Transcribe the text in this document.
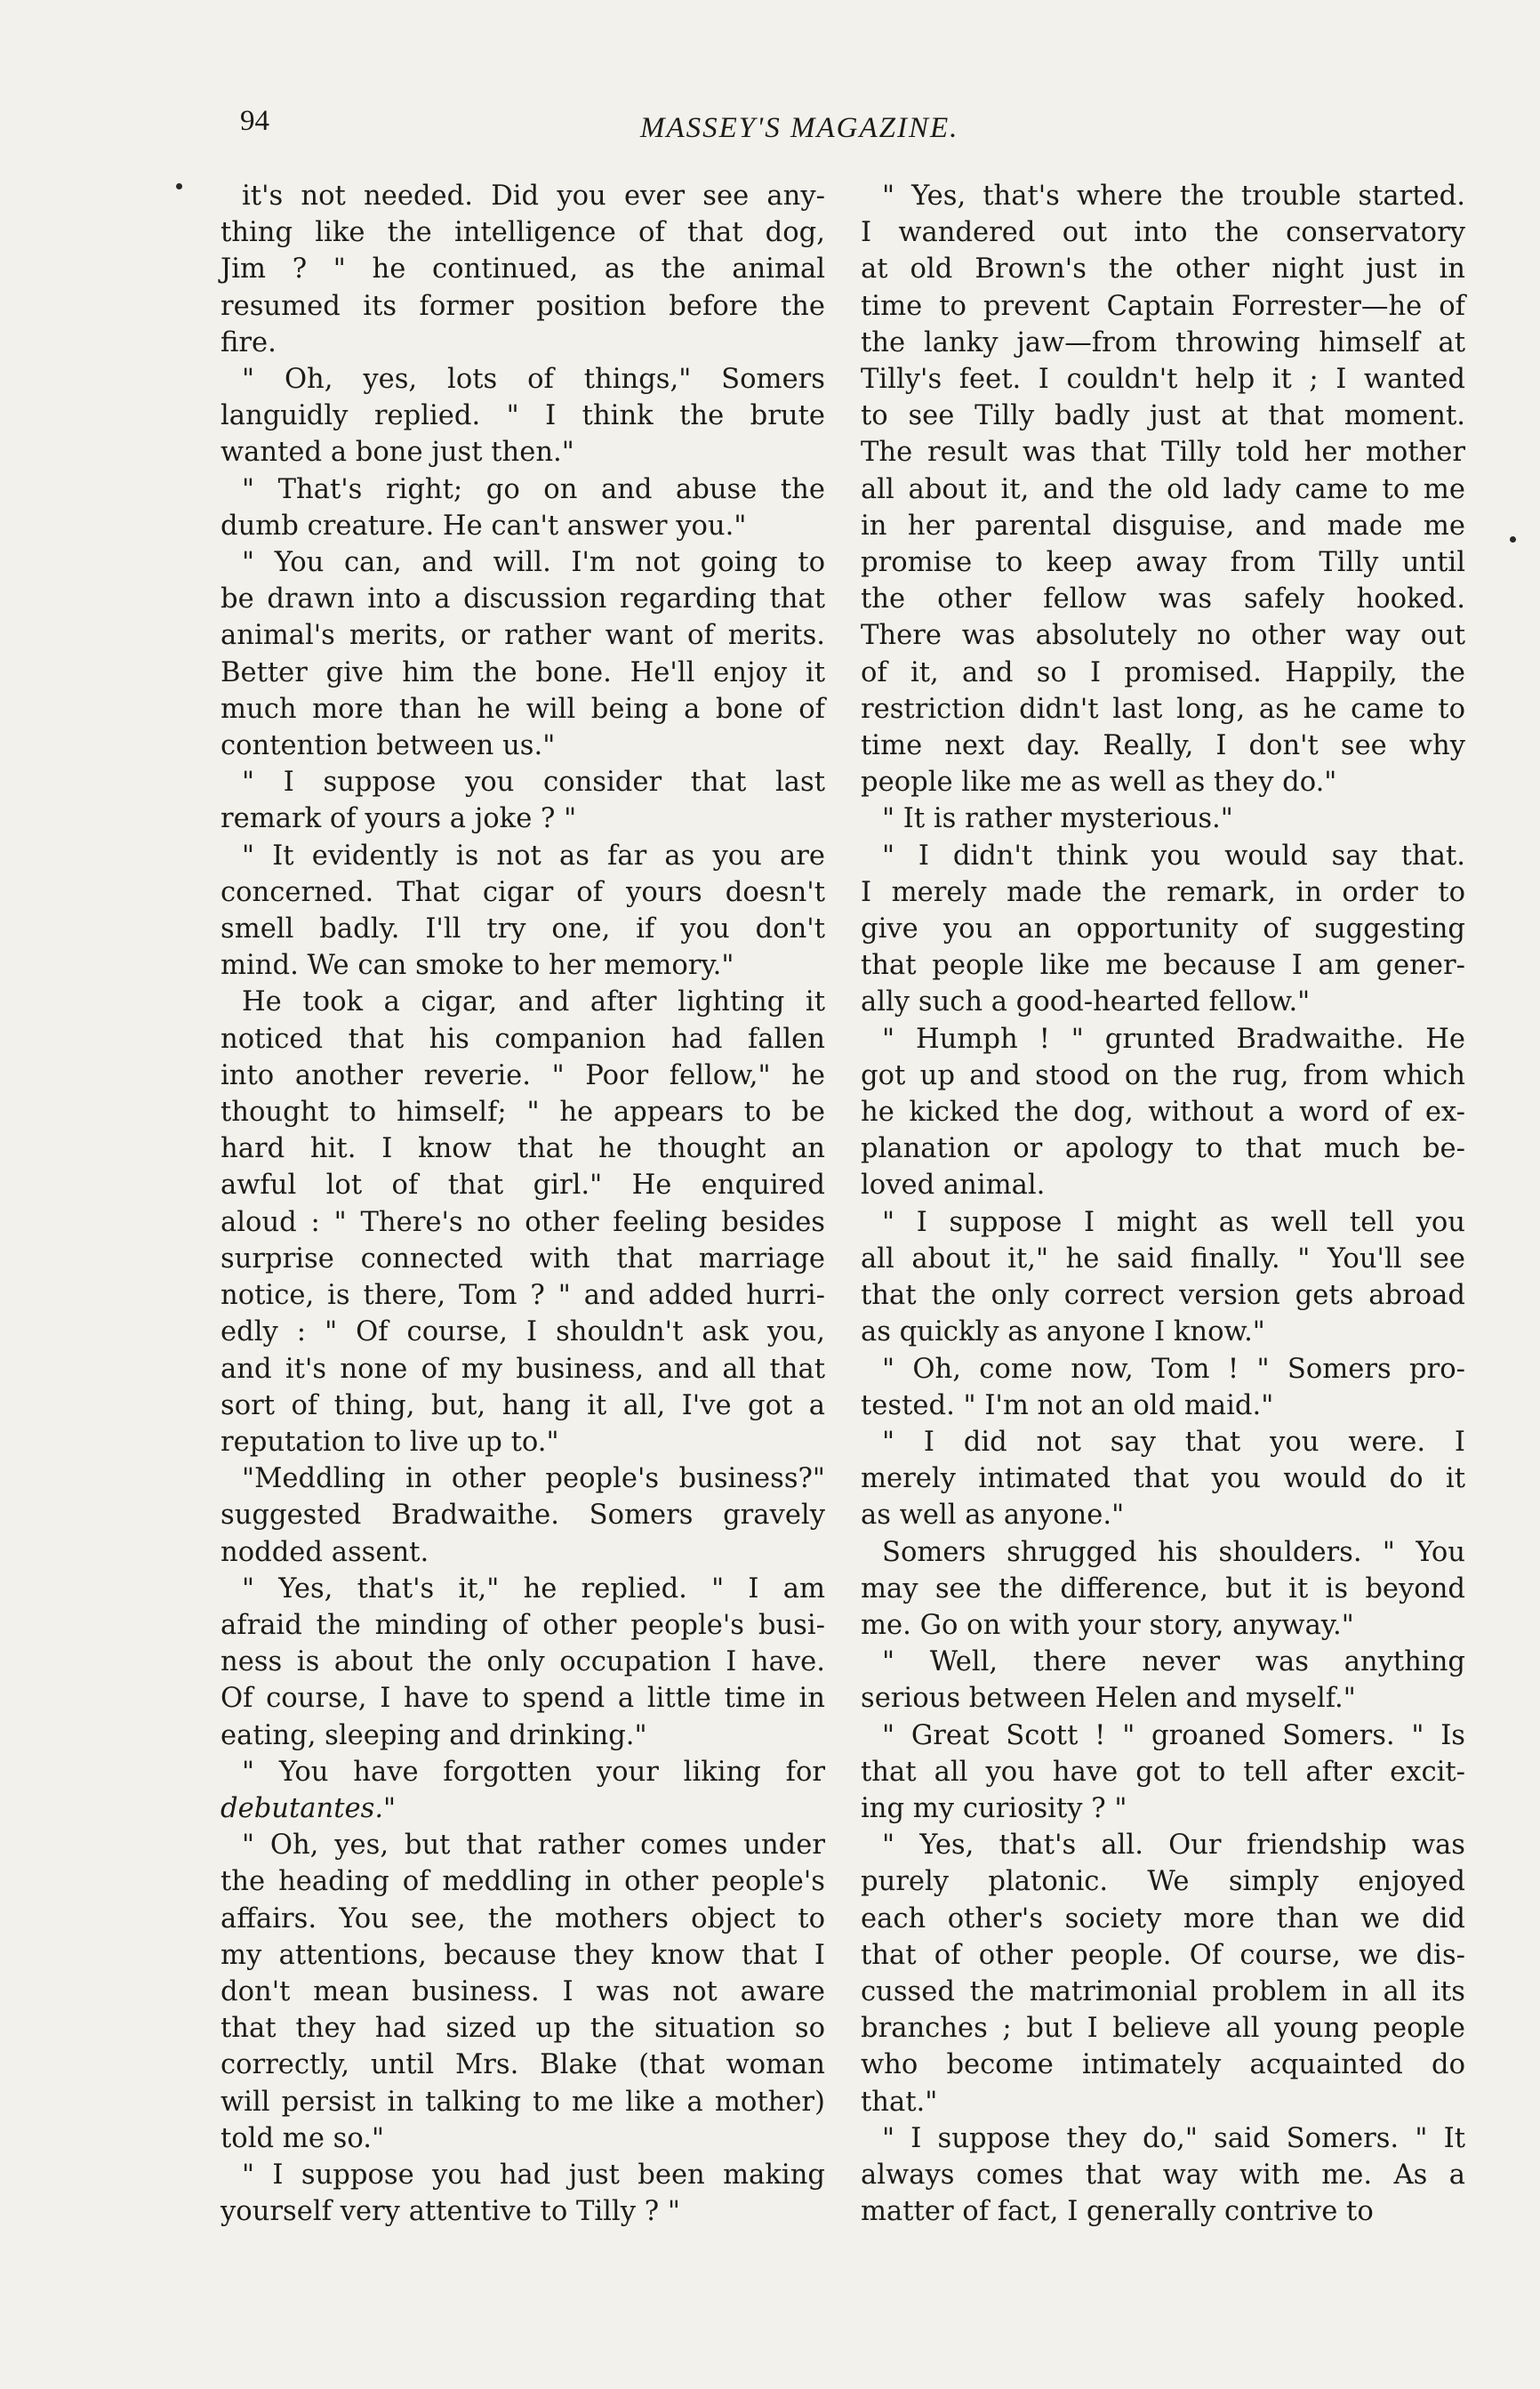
94	MASSEY'S MAGAZINE.
it's not needed. Did you ever see any-
thing like the intelligence of that dog,
Jim ? " he continued, as the animal
resumed its former position before the
fire.
" Oh, yes, lots of things," Somers
languidly replied. " I think the brute
wanted a bone just then."
" That's right; go on and abuse the
dumb creature. He can't answer you."
" You can, and will. I'm not going to
be drawn into a discussion regarding that
animal's merits, or rather want of merits.
Better give him the bone. He'll enjoy it
much more than he will being a bone of
contention between us."
" I suppose you consider that last
remark of yours a joke ? "
" It evidently is not as far as you are
concerned. That cigar of yours doesn't
smell badly. I'll try one, if you don't
mind. We can smoke to her memory."
He took a cigar, and after lighting it
noticed that his companion had fallen
into another reverie. " Poor fellow," he
thought to himself; " he appears to be
hard hit. I know that he thought an
awful lot of that girl." He enquired
aloud : " There's no other feeling besides
surprise connected with that marriage
notice, is there, Tom ? " and added hurri-
edly : " Of course, I shouldn't ask you,
and it's none of my business, and all that
sort of thing, but, hang it all, I've got a
reputation to live up to."
"Meddling in other people's business?"
suggested Bradwaithe. Somers gravely
nodded assent.
" Yes, that's it," he replied. " I am
afraid the minding of other people's busi-
ness is about the only occupation I have.
Of course, I have to spend a little time in
eating, sleeping and drinking."
" You have forgotten your liking for
debutantes."
" Oh, yes, but that rather comes under
the heading of meddling in other people's
affairs. You see, the mothers object to
my attentions, because they know that I
don't mean business. I was not aware
that they had sized up the situation so
correctly, until Mrs. Blake (that woman
will persist in talking to me like a mother)
told me so."
" I suppose you had just been making
yourself very attentive to Tilly ? "
" Yes, that's where the trouble started.
I wandered out into the conservatory
at old Brown's the other night just in
time to prevent Captain Forrester—he of
the lanky jaw—from throwing himself at
Tilly's feet. I couldn't help it ; I wanted
to see Tilly badly just at that moment.
The result was that Tilly told her mother
all about it, and the old lady came to me
in her parental disguise, and made me
promise to keep away from Tilly until
the other fellow was safely hooked.
There was absolutely no other way out
of it, and so I promised. Happily, the
restriction didn't last long, as he came to
time next day. Really, I don't see why
people like me as well as they do."
" It is rather mysterious."
" I didn't think you would say that.
I merely made the remark, in order to
give you an opportunity of suggesting
that people like me because I am gener-
ally such a good-hearted fellow."
" Humph ! " grunted Bradwaithe. He
got up and stood on the rug, from which
he kicked the dog, without a word of ex-
planation or apology to that much be-
loved animal.
" I suppose I might as well tell you
all about it," he said finally. " You'll see
that the only correct version gets abroad
as quickly as anyone I know."
" Oh, come now, Tom ! " Somers pro-
tested. " I'm not an old maid."
" I did not say that you were. I
merely intimated that you would do it
as well as anyone."
Somers shrugged his shoulders. " You
may see the difference, but it is beyond
me. Go on with your story, anyway."
" Well, there never was anything
serious between Helen and myself."
" Great Scott ! " groaned Somers. " Is
that all you have got to tell after excit-
ing my curiosity ? "
" Yes, that's all. Our friendship was
purely platonic. We simply enjoyed
each other's society more than we did
that of other people. Of course, we dis-
cussed the matrimonial problem in all its
branches ; but I believe all young people
who become intimately acquainted do
that."
" I suppose they do," said Somers. " It
always comes that way with me. As a
matter of fact, I generally contrive to
